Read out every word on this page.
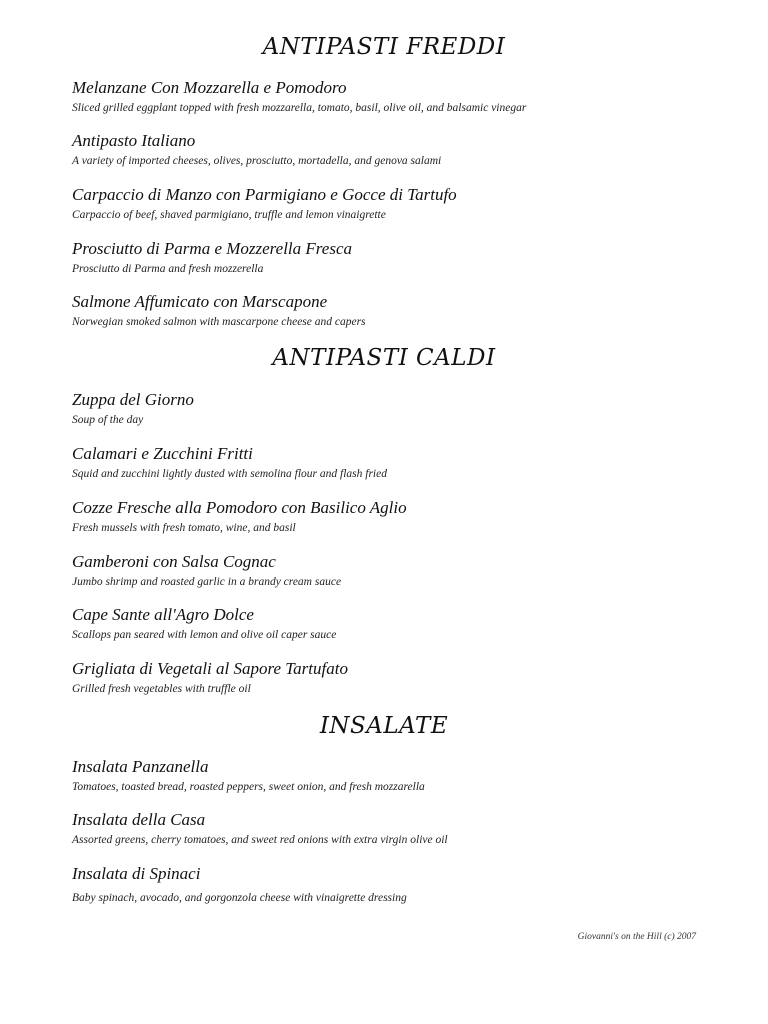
ANTIPASTI FREDDI
Melanzane Con Mozzarella e Pomodoro
Sliced grilled eggplant topped with fresh mozzarella, tomato, basil, olive oil, and balsamic vinegar
Antipasto Italiano
A variety of imported cheeses, olives, prosciutto, mortadella, and genova salami
Carpaccio di Manzo con Parmigiano e Gocce di Tartufo
Carpaccio of beef, shaved parmigiano, truffle and lemon vinaigrette
Prosciutto di Parma e Mozzerella Fresca
Prosciutto di Parma and fresh mozzerella
Salmone Affumicato con Marscapone
Norwegian smoked salmon with mascarpone cheese and capers
ANTIPASTI CALDI
Zuppa del Giorno
Soup of the day
Calamari e Zucchini Fritti
Squid and zucchini lightly dusted with semolina flour and flash fried
Cozze Fresche alla Pomodoro con Basilico Aglio
Fresh mussels with fresh tomato, wine, and basil
Gamberoni con Salsa Cognac
Jumbo shrimp and roasted garlic in a brandy cream sauce
Cape Sante all'Agro Dolce
Scallops pan seared with lemon and olive oil caper sauce
Grigliata di Vegetali al Sapore Tartufato
Grilled fresh vegetables with truffle oil
INSALATE
Insalata Panzanella
Tomatoes, toasted bread, roasted peppers, sweet onion, and fresh mozzarella
Insalata della Casa
Assorted greens, cherry tomatoes, and sweet red onions with extra virgin olive oil
Insalata di Spinaci
Baby spinach, avocado, and gorgonzola cheese with vinaigrette dressing
Giovanni's on the Hill (c) 2007
